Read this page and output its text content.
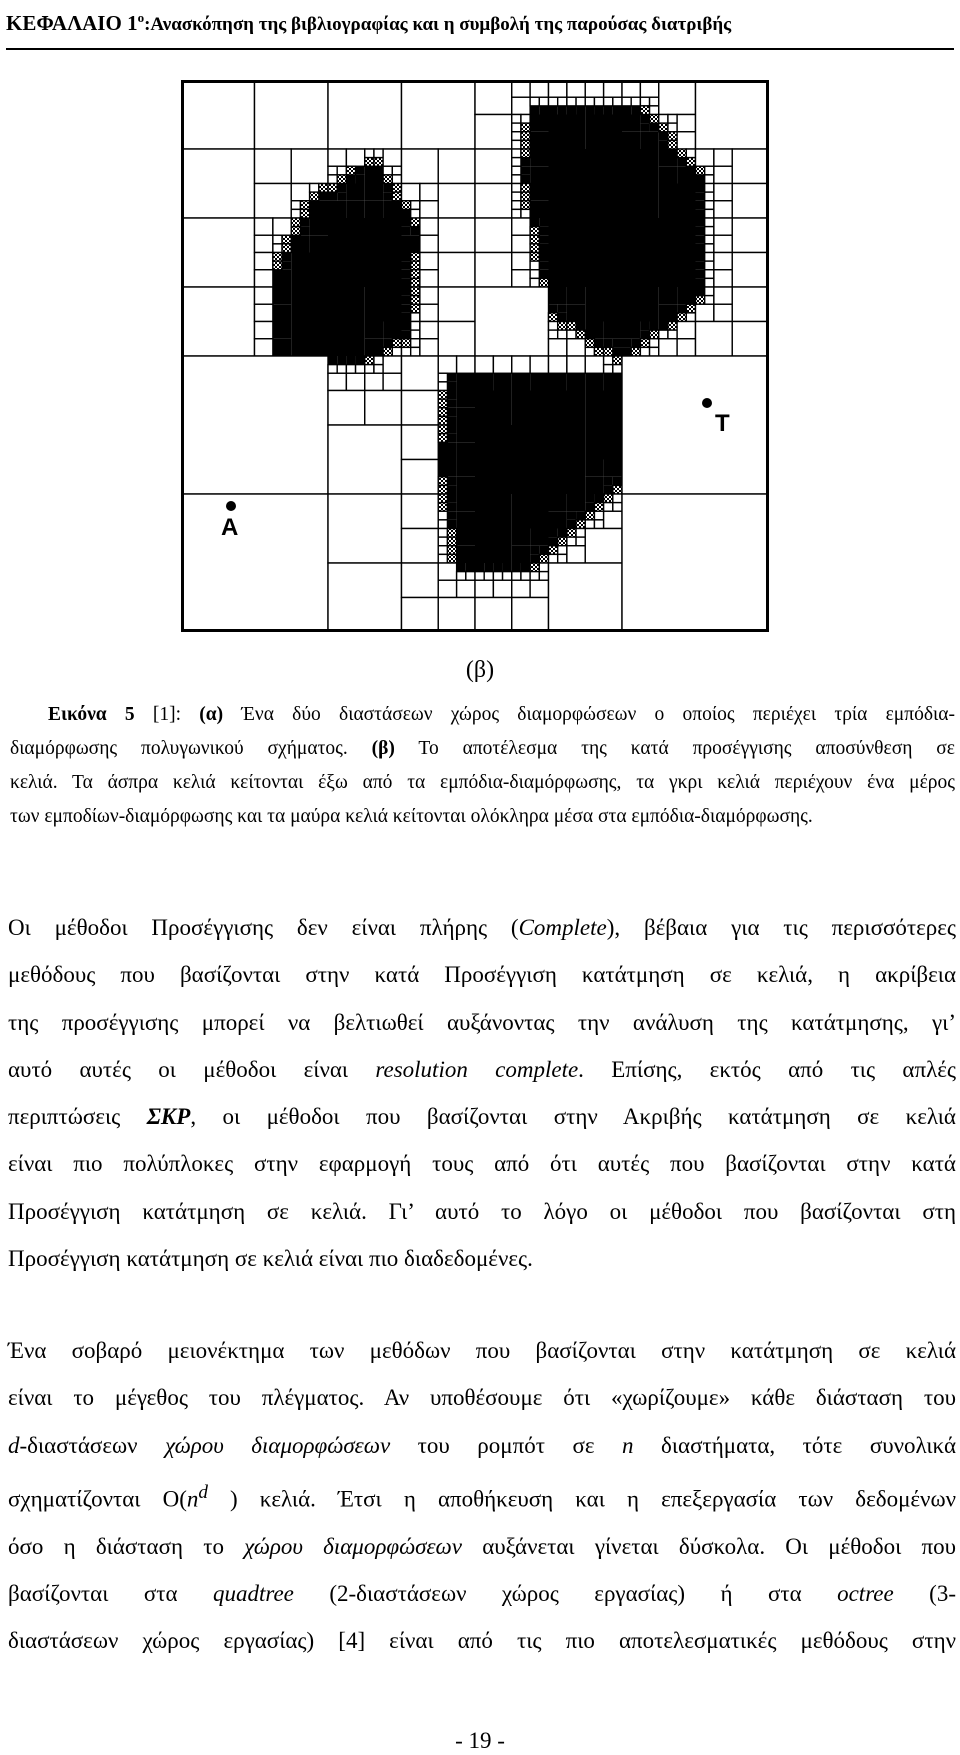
ΚΕΦΑΛΑΙΟ $1^o:A\nu\alpha\sigma\kappa ό\pi\eta\sigma\eta$ της βιβλιογραφίας και η συμβολή της παρούσας διατριβής
A
T
(β)

Εικόνα 5 [1]: (α) Ένα δύο διαστάσεων χώρος διαμορφώσεων ο οποίος περιέχει τρία εμπόδια-

διαμόρφωσης πολυγωνικού σχήματος. (β) Το αποτέλεσμα της κατά προσέγγισης αποσύνθεση σε

κελιά. Τα άσπρα κελιά κείτονται έξω από τα εμπόδια-διαμόρφωσης, τα γκρι κελιά περιέχουν ένα μέρος

των εμποδίων-διαμόρφωσης και τα μαύρα κελιά κείτονται ολόκληρα μέσα στα εμπόδια-διαμόρφωσης.

Οι μέθοδοι Προσέγγισης δεν είναι πλήρης (Complete), βέβαια για τις περισσότερες
μεθόδους που βασίζονται στην κατά Προσέγγιση κατάτμηση σε κελιά, η ακρίβεια
της προσέγγισης μπορεί να βελτιωθεί αυξάνοντας την ανάλυση της κατάτμησης, γι’
αυτό αυτές οι μέθοδοι είναι resolution complete. Επίσης, εκτός από τις απλές
περιπτώσεις ΣΚΡ, οι μέθοδοι που βασίζονται στην Ακριβής κατάτμηση σε κελιά
είναι πιο πολύπλοκες στην εφαρμογή τους από ότι αυτές που βασίζονται στην κατά
Προσέγγιση κατάτμηση σε κελιά. Γι’ αυτό το λόγο οι μέθοδοι που βασίζονται στη
Προσέγγιση κατάτμηση σε κελιά είναι πιο διαδεδομένες.
Ένα σοβαρό μειονέκτημα των μεθόδων που βασίζονται στην κατάτμηση σε κελιά
είναι το μέγεθος του πλέγματος. Αν υποθέσουμε ότι «χωρίζουμε» κάθε διάσταση του
d-διαστάσεων χώρου διαμορφώσεων του ρομπότ σε n διαστήματα, τότε συνολικά
σχηματίζονται $O(n^d$ ) κελιά. Έτσι η αποθήκευση και η επεξεργασία των δεδομένων
όσο η διάσταση το χώρου διαμορφώσεων αυξάνεται γίνεται δύσκολα. Οι μέθοδοι που
βασίζονται στα quadtree (2-διαστάσεων χώρος εργασίας) ή στα octree (3-
διαστάσεων χώρος εργασίας) [4] είναι από τις πιο αποτελεσματικές μεθόδους στην
- 19 -
